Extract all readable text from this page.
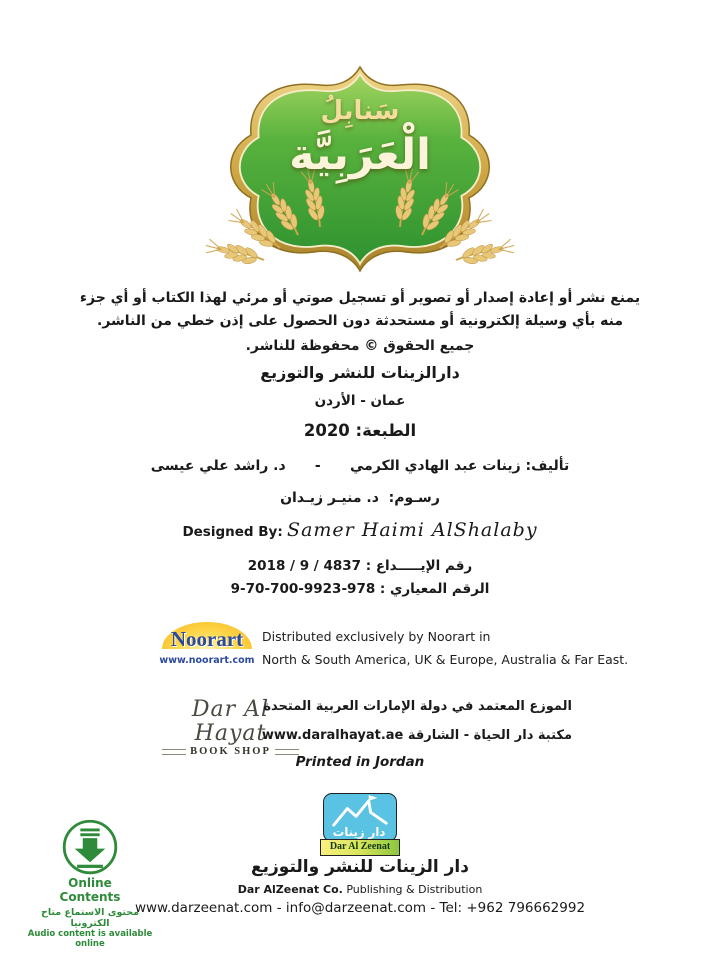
سَنابِلُ
الْعَرَبِيَّة
يمنع نشر أو إعادة إصدار أو تصوير أو تسجيل صوتي أو مرئي لهذا الكتاب أو أي جزء
منه بأي وسيلة إلكترونية أو مستحدثة دون الحصول على إذن خطي من الناشر.
جميع الحقوق © محفوظة للناشر.
دارالزينات للنشر والتوزيع
عمان - الأردن
الطبعة: 2020
تأليف: زينات عبد الهادي الكرمي      -      د. راشد علي عيسى
رسـوم:  د. منيـر زيـدان
Designed By: Samer Haimi AlShalaby
رقم الإيـــــداع : 4837 / 9 / 2018
الرقم المعياري : 978-9923-700-70-9
Noorart
www.noorart.com
Distributed exclusively by Noorart in
North & South America, UK & Europe, Australia & Far East.
Dar Al Hayat
BOOK SHOP
الموزع المعتمد في دولة الإمارات العربية المتحدة
مكتبة دار الحياة - الشارقة www.daralhayat.ae
Printed in Jordan
دار زينات
Dar Al Zeenat
دار الزينات للنشر والتوزيع
Dar AlZeenat Co. Publishing & Distribution
www.darzeenat.com - info@darzeenat.com - Tel: +962 796662992
Online
Contents
محتوى الاستماع متاح الكترونيا
Audio content is available online
